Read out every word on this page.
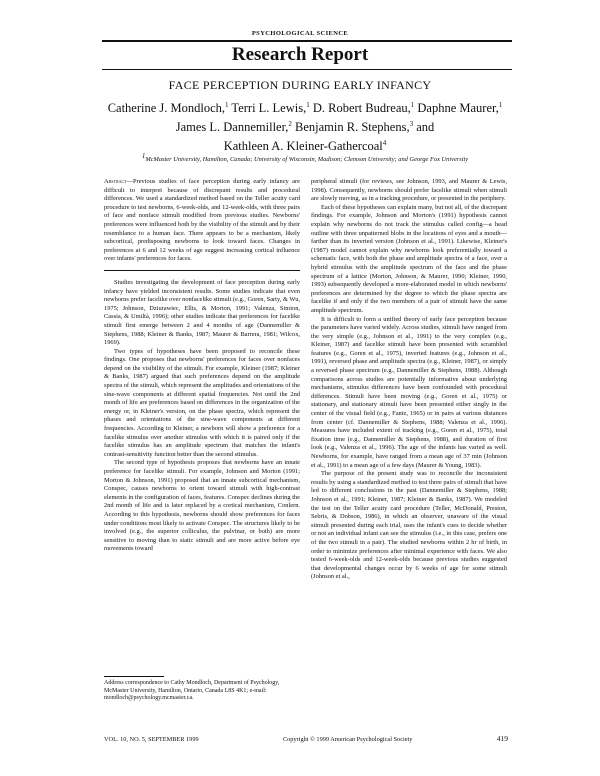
PSYCHOLOGICAL SCIENCE
Research Report
FACE PERCEPTION DURING EARLY INFANCY
Catherine J. Mondloch,$^1$ Terri L. Lewis,$^1$ D. Robert Budreau,$^1$ Daphne Maurer,$^1$
James L. Dannemiller,$^2$ Benjamin R. Stephens,$^3$ and
Kathleen A. Kleiner-Gathercoal$^4$
$^1$McMaster University, Hamilton, Canada; University of Wisconsin, Madison; Clemson University; and George Fox University

Abstract—Previous studies of face perception during early infancy are difficult to interpret because of discrepant results and procedural differences. We used a standardized method based on the Teller acuity card procedure to test newborns, 6-week-olds, and 12-week-olds, with three pairs of face and nonface stimuli modified from previous studies. Newborns' preferences were influenced both by the visibility of the stimuli and by their resemblance to a human face. There appears to be a mechanism, likely subcortical, predisposing newborns to look toward faces. Changes in preferences at 6 and 12 weeks of age suggest increasing cortical influence over infants' preferences for faces.

Studies investigating the development of face perception during early infancy have yielded inconsistent results. Some studies indicate that even newborns prefer facelike over nonfacelike stimuli (e.g., Goren, Sarty, & Wu, 1975; Johnson, Dziurawiec, Ellis, & Morton, 1991; Valenza, Simion, Cassia, & Umiltà, 1996); other studies indicate that preferences for facelike stimuli first emerge between 2 and 4 months of age (Dannemiller & Stephens, 1988; Kleiner & Banks, 1987; Maurer & Barrera, 1981; Wilcox, 1969).

Two types of hypotheses have been proposed to reconcile these findings. One proposes that newborns' preferences for faces over nonfaces depend on the visibility of the stimuli. For example, Kleiner (1987; Kleiner & Banks, 1987) argued that such preferences depend on the amplitude spectra of the stimuli, which represent the amplitudes and orientations of the sine-wave components at different spatial frequencies. Not until the 2nd month of life are preferences based on differences in the organization of the energy or, in Kleiner's version, on the phase spectra, which represent the phases and orientations of the sine-wave components at different frequencies. According to Kleiner, a newborn will show a preference for a facelike stimulus over another stimulus with which it is paired only if the facelike stimulus has an amplitude spectrum that matches the infant's contrast-sensitivity function better than the second stimulus.

The second type of hypothesis proposes that newborns have an innate preference for facelike stimuli. For example, Johnson and Morton (1991; Morton & Johnson, 1991) proposed that an innate subcortical mechanism, Conspec, causes newborns to orient toward stimuli with high-contrast elements in the configuration of faces, features. Conspec declines during the 2nd month of life and is later replaced by a cortical mechanism, Conlern. According to this hypothesis, newborns should show preferences for faces under conditions most likely to activate Conspec. The structures likely to be involved (e.g., the superior colliculus, the pulvinar, or both) are more sensitive to moving than to static stimuli and are more active before eye movements toward

peripheral stimuli (for reviews, see Johnson, 1993, and Maurer & Lewis, 1998). Consequently, newborns should prefer facelike stimuli when stimuli are slowly moving, as in a tracking procedure, or presented in the periphery.

Each of these hypotheses can explain many, but not all, of the discrepant findings. For example, Johnson and Morton's (1991) hypothesis cannot explain why newborns do not track the stimulus called config—a head outline with three unpatterned blobs in the locations of eyes and a mouth—farther than its inverted version (Johnson et al., 1991). Likewise, Kleiner's (1987) model cannot explain why newborns look preferentially toward a schematic face, with both the phase and amplitude spectra of a face, over a hybrid stimulus with the amplitude spectrum of the face and the phase spectrum of a lattice (Morton, Johnson, & Maurer, 1990; Kleiner, 1990, 1993) subsequently developed a more-elaborated model in which newborns' preferences are determined by the degree to which the phase spectra are facelike if and only if the two members of a pair of stimuli have the same amplitude spectrum.

It is difficult to form a unified theory of early face perception because the parameters have varied widely. Across studies, stimuli have ranged from the very simple (e.g., Johnson et al., 1991) to the very complex (e.g., Kleiner, 1987) and facelike stimuli have been presented with scrambled features (e.g., Goren et al., 1975), inverted features (e.g., Johnson et al., 1991), reversed phase and amplitude spectra (e.g., Kleiner, 1987), or simply a reversed phase spectrum (e.g., Dannemiller & Stephens, 1988). Although comparisons across studies are potentially informative about underlying mechanisms, stimulus differences have been confounded with procedural differences. Stimuli have been moving (e.g., Goren et al., 1975) or stationary, and stationary stimuli have been presented either singly in the center of the visual field (e.g., Fantz, 1965) or in pairs at various distances from center (cf. Dannemiller & Stephens, 1988; Valenza et al., 1996). Measures have included extent of tracking (e.g., Goren et al., 1975), total fixation time (e.g., Dannemiller & Stephens, 1988), and duration of first look (e.g., Valenza et al., 1996). The age of the infants has varied as well. Newborns, for example, have ranged from a mean age of 37 min (Johnson et al., 1991) to a mean age of a few days (Maurer & Young, 1983).

The purpose of the present study was to reconcile the inconsistent results by using a standardized method to test three pairs of stimuli that have led to different conclusions in the past (Dannemiller & Stephens, 1988; Johnson et al., 1991; Kleiner, 1987; Kleiner & Banks, 1987). We modeled the test on the Teller acuity card procedure (Teller, McDonald, Preston, Sebris, & Dobson, 1986), in which an observer, unaware of the visual stimuli presented during each trial, uses the infant's cues to decide whether or not an individual infant can see the stimulus (i.e., in this case, prefers one of the two stimuli in a pair). The studied newborns within 2 hr of birth, in order to minimize preferences after minimal experience with faces. We also tested 6-week-olds and 12-week-olds because previous studies suggested that developmental changes occur by 6 weeks of age for some stimuli (Johnson et al.,

Address correspondence to Cathy Mondloch, Department of Psychology, McMaster University, Hamilton, Ontario, Canada L8S 4K1; e-mail: mondloch@psychology.mcmaster.ca.
VOL. 10, NO. 5, SEPTEMBER 1999	Copyright © 1999 American Psychological Society	419
